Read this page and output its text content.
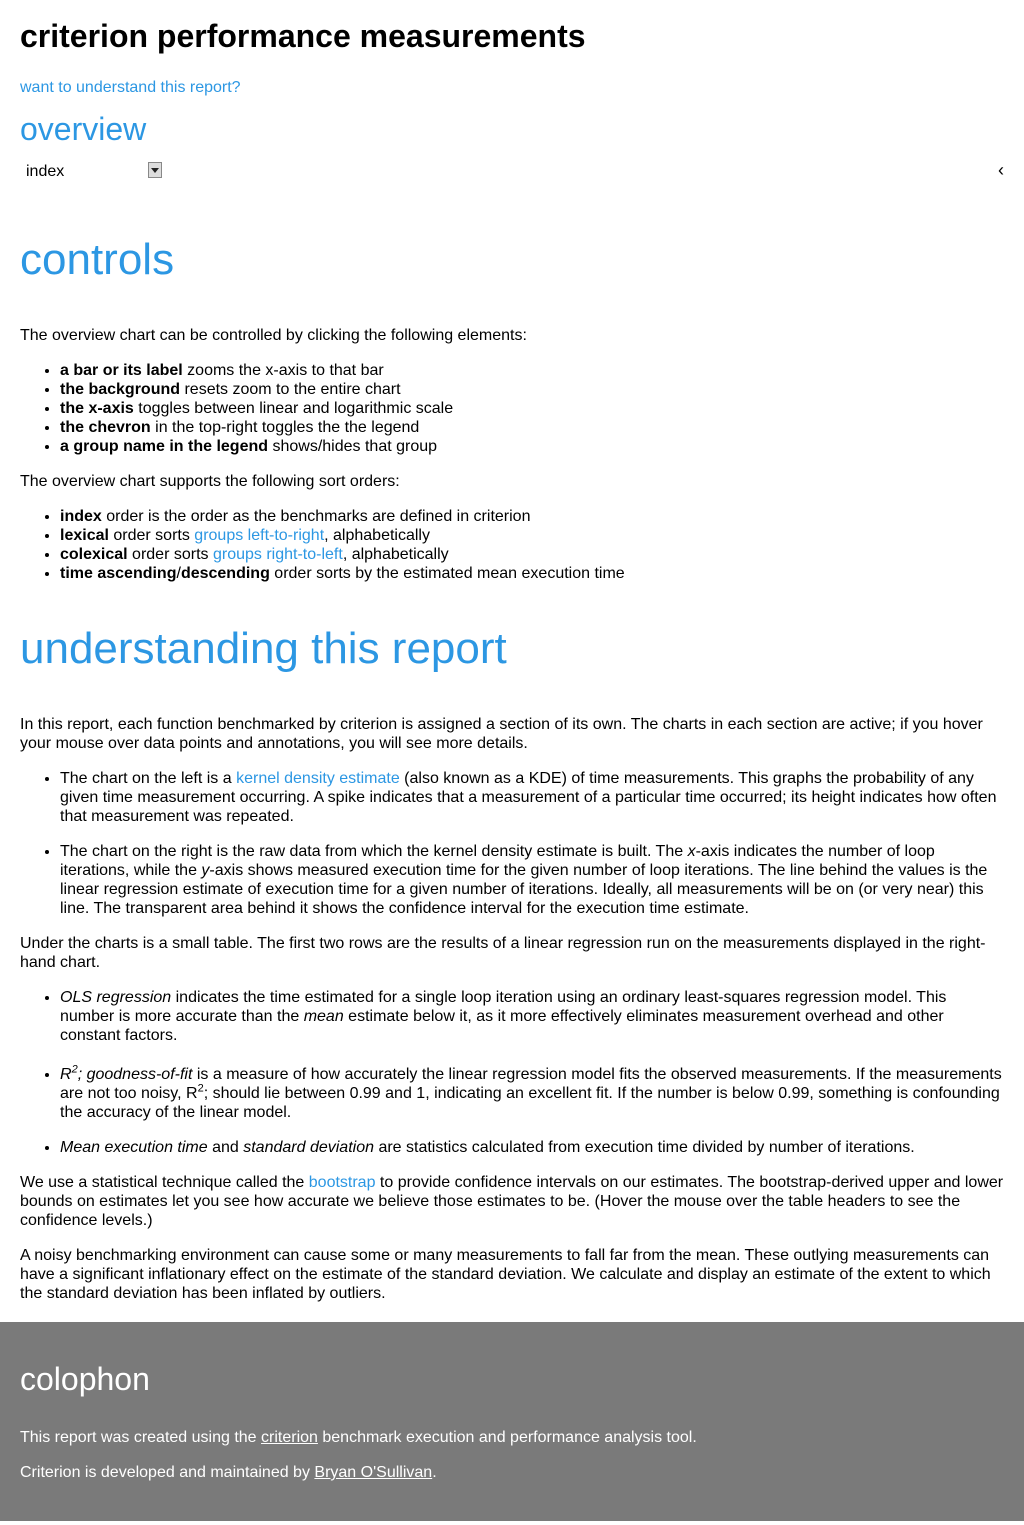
criterion performance measurements
want to understand this report?
overview
index	‹
controls

The overview chart can be controlled by clicking the following elements:

• a bar or its label zooms the x-axis to that bar
• the background resets zoom to the entire chart
• the x-axis toggles between linear and logarithmic scale
• the chevron in the top-right toggles the the legend
• a group name in the legend shows/hides that group

The overview chart supports the following sort orders:

• index order is the order as the benchmarks are defined in criterion
• lexical order sorts groups left-to-right, alphabetically
• colexical order sorts groups right-to-left, alphabetically
• time ascending/descending order sorts by the estimated mean execution time
understanding this report

In this report, each function benchmarked by criterion is assigned a section of its own. The charts in each section are active; if you hover your mouse over data points and annotations, you will see more details.

• The chart on the left is a kernel density estimate (also known as a KDE) of time measurements. This graphs the probability of any given time measurement occurring. A spike indicates that a measurement of a particular time occurred; its height indicates how often that measurement was repeated.
• The chart on the right is the raw data from which the kernel density estimate is built. The x-axis indicates the number of loop iterations, while the y-axis shows measured execution time for the given number of loop iterations. The line behind the values is the linear regression estimate of execution time for a given number of iterations. Ideally, all measurements will be on (or very near) this line. The transparent area behind it shows the confidence interval for the execution time estimate.

Under the charts is a small table. The first two rows are the results of a linear regression run on the measurements displayed in the right-hand chart.

• OLS regression indicates the time estimated for a single loop iteration using an ordinary least-squares regression model. This number is more accurate than the mean estimate below it, as it more effectively eliminates measurement overhead and other constant factors.
• $R^2$; goodness-of-fit is a measure of how accurately the linear regression model fits the observed measurements. If the measurements are not too noisy, $R^2$; should lie between 0.99 and 1, indicating an excellent fit. If the number is below 0.99, something is confounding the accuracy of the linear model.
• Mean execution time and standard deviation are statistics calculated from execution time divided by number of iterations.

We use a statistical technique called the bootstrap to provide confidence intervals on our estimates. The bootstrap-derived upper and lower bounds on estimates let you see how accurate we believe those estimates to be. (Hover the mouse over the table headers to see the confidence levels.)

A noisy benchmarking environment can cause some or many measurements to fall far from the mean. These outlying measurements can have a significant inflationary effect on the estimate of the standard deviation. We calculate and display an estimate of the extent to which the standard deviation has been inflated by outliers.

colophon

This report was created using the criterion benchmark execution and performance analysis tool.

Criterion is developed and maintained by Bryan O'Sullivan.
